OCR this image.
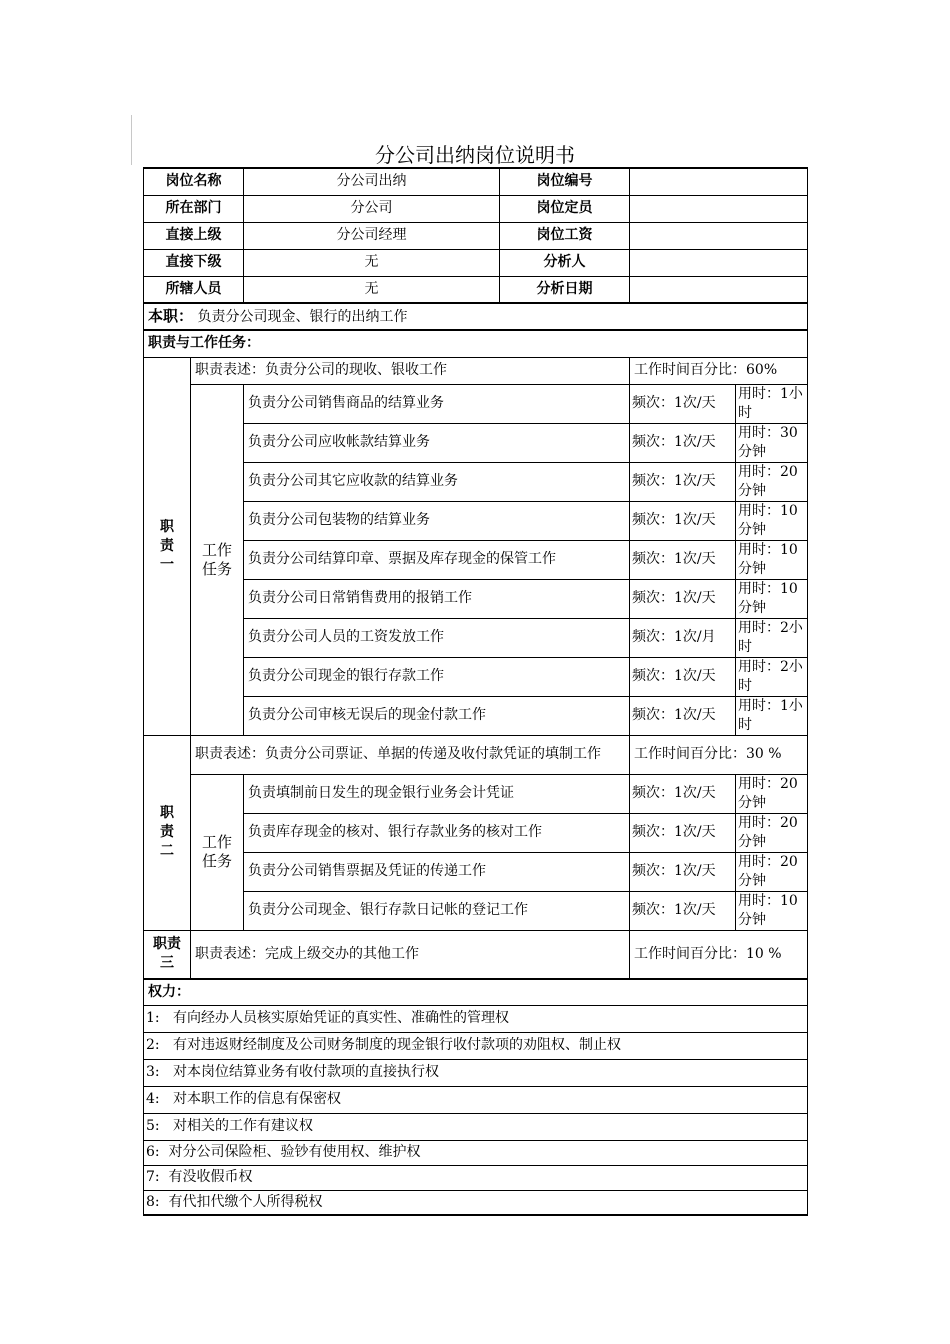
分公司出纳岗位说明书
岗位名称		分公司出纳	岗位编号		
所在部门		分公司	岗位定员		
直接上级		分公司经理	岗位工资		
直接下级		无	分析人		
所辖人员		无	分析日期		
本职： 负责分公司现金、银行的出纳工作					
职责与工作任务：					
职责一	职责表述：负责分公司的现收、银收工作			工作时间百分比：60%	
	工作任务	负责分公司销售商品的结算业务		频次：1次/天	用时：1小时
		负责分公司应收帐款结算业务		频次：1次/天	用时：30分钟
		负责分公司其它应收款的结算业务		频次：1次/天	用时：20分钟
		负责分公司包装物的结算业务		频次：1次/天	用时：10分钟
		负责分公司结算印章、票据及库存现金的保管工作		频次：1次/天	用时：10分钟
		负责分公司日常销售费用的报销工作		频次：1次/天	用时：10分钟
		负责分公司人员的工资发放工作		频次：1次/月	用时：2小时
		负责分公司现金的银行存款工作		频次：1次/天	用时：2小时
		负责分公司审核无误后的现金付款工作		频次：1次/天	用时：1小时
职责二	职责表述：负责分公司票证、单据的传递及收付款凭证的填制工作			工作时间百分比：30 %	
	工作任务	负责填制前日发生的现金银行业务会计凭证		频次：1次/天	用时：20分钟
		负责库存现金的核对、银行存款业务的核对工作		频次：1次/天	用时：20分钟
		负责分公司销售票据及凭证的传递工作		频次：1次/天	用时：20分钟
		负责分公司现金、银行存款日记帐的登记工作		频次：1次/天	用时：10分钟
职责三	职责表述：完成上级交办的其他工作			工作时间百分比：10 %	
权力：					
1:   有向经办人员核实原始凭证的真实性、准确性的管理权					
2:   有对违返财经制度及公司财务制度的现金银行收付款项的劝阻权、制止权					
3:   对本岗位结算业务有收付款项的直接执行权					
4:   对本职工作的信息有保密权					
5:   对相关的工作有建议权					
6:  对分公司保险柜、验钞有使用权、维护权					
7:  有没收假币权					
8:  有代扣代缴个人所得税权					
